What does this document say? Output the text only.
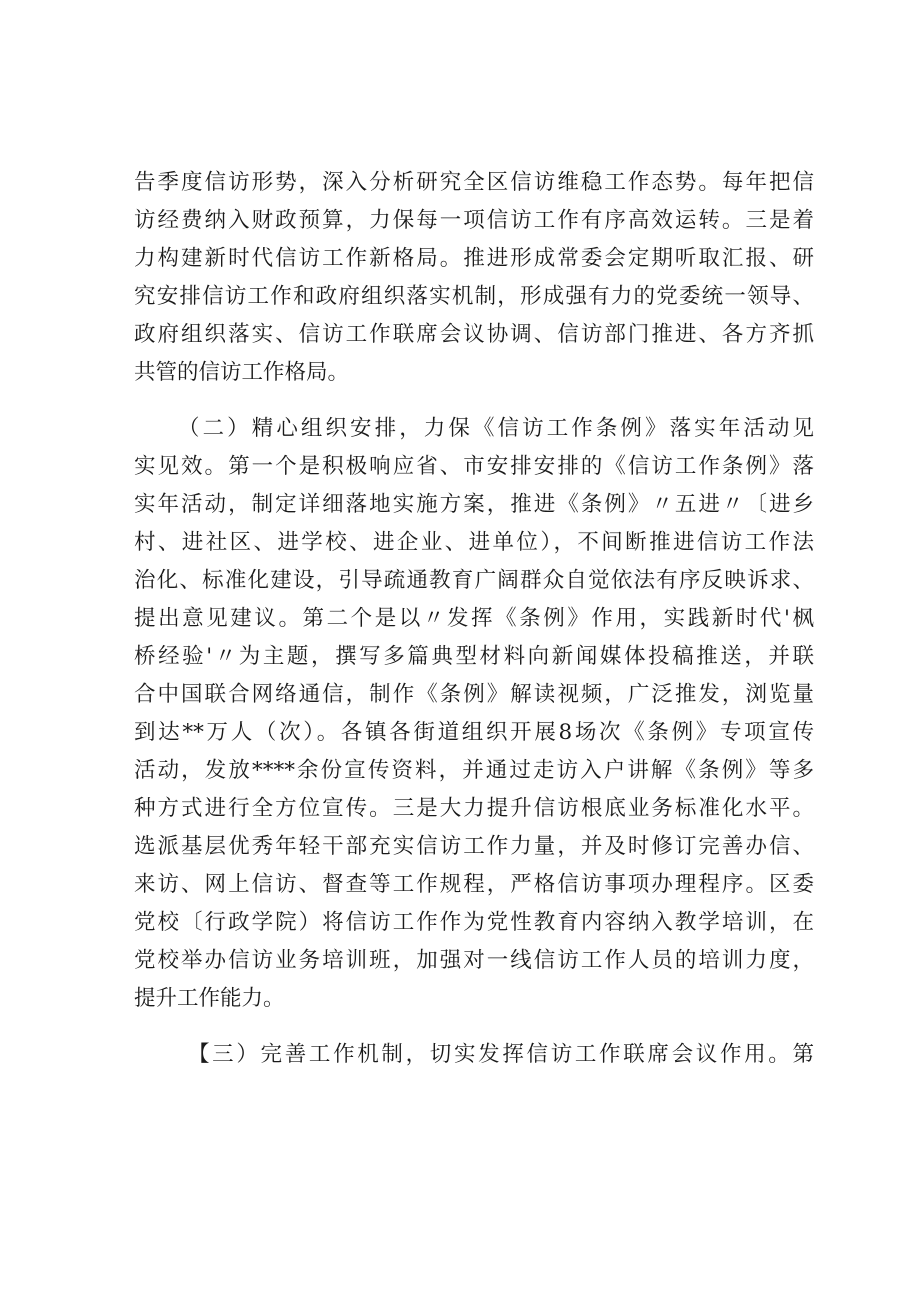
告季度信访形势，深入分析研究全区信访维稳工作态势。每年把信
访经费纳入财政预算，力保每一项信访工作有序高效运转。三是着
力构建新时代信访工作新格局。推进形成常委会定期听取汇报、研
究安排信访工作和政府组织落实机制，形成强有力的党委统一领导、
政府组织落实、信访工作联席会议协调、信访部门推进、各方齐抓
共管的信访工作格局。
（二）精心组织安排，力保《信访工作条例》落实年活动见
实见效。第一个是积极响应省、市安排安排的《信访工作条例》落
实年活动，制定详细落地实施方案，推进《条例》〃五进〃〔进乡
村、进社区、进学校、进企业、进单位），不间断推进信访工作法
治化、标准化建设，引导疏通教育广阔群众自觉依法有序反映诉求、
提出意见建议。第二个是以〃发挥《条例》作用，实践新时代'枫
桥经验'〃为主题，撰写多篇典型材料向新闻媒体投稿推送，并联
合中国联合网络通信，制作《条例》解读视频，广泛推发，浏览量
到达**万人（次）。各镇各街道组织开展8场次《条例》专项宣传
活动，发放****余份宣传资料，并通过走访入户讲解《条例》等多
种方式进行全方位宣传。三是大力提升信访根底业务标准化水平。
选派基层优秀年轻干部充实信访工作力量，并及时修订完善办信、
来访、网上信访、督查等工作规程，严格信访事项办理程序。区委
党校〔行政学院）将信访工作作为党性教育内容纳入教学培训，在
党校举办信访业务培训班，加强对一线信访工作人员的培训力度，
提升工作能力。
【三）完善工作机制，切实发挥信访工作联席会议作用。第
